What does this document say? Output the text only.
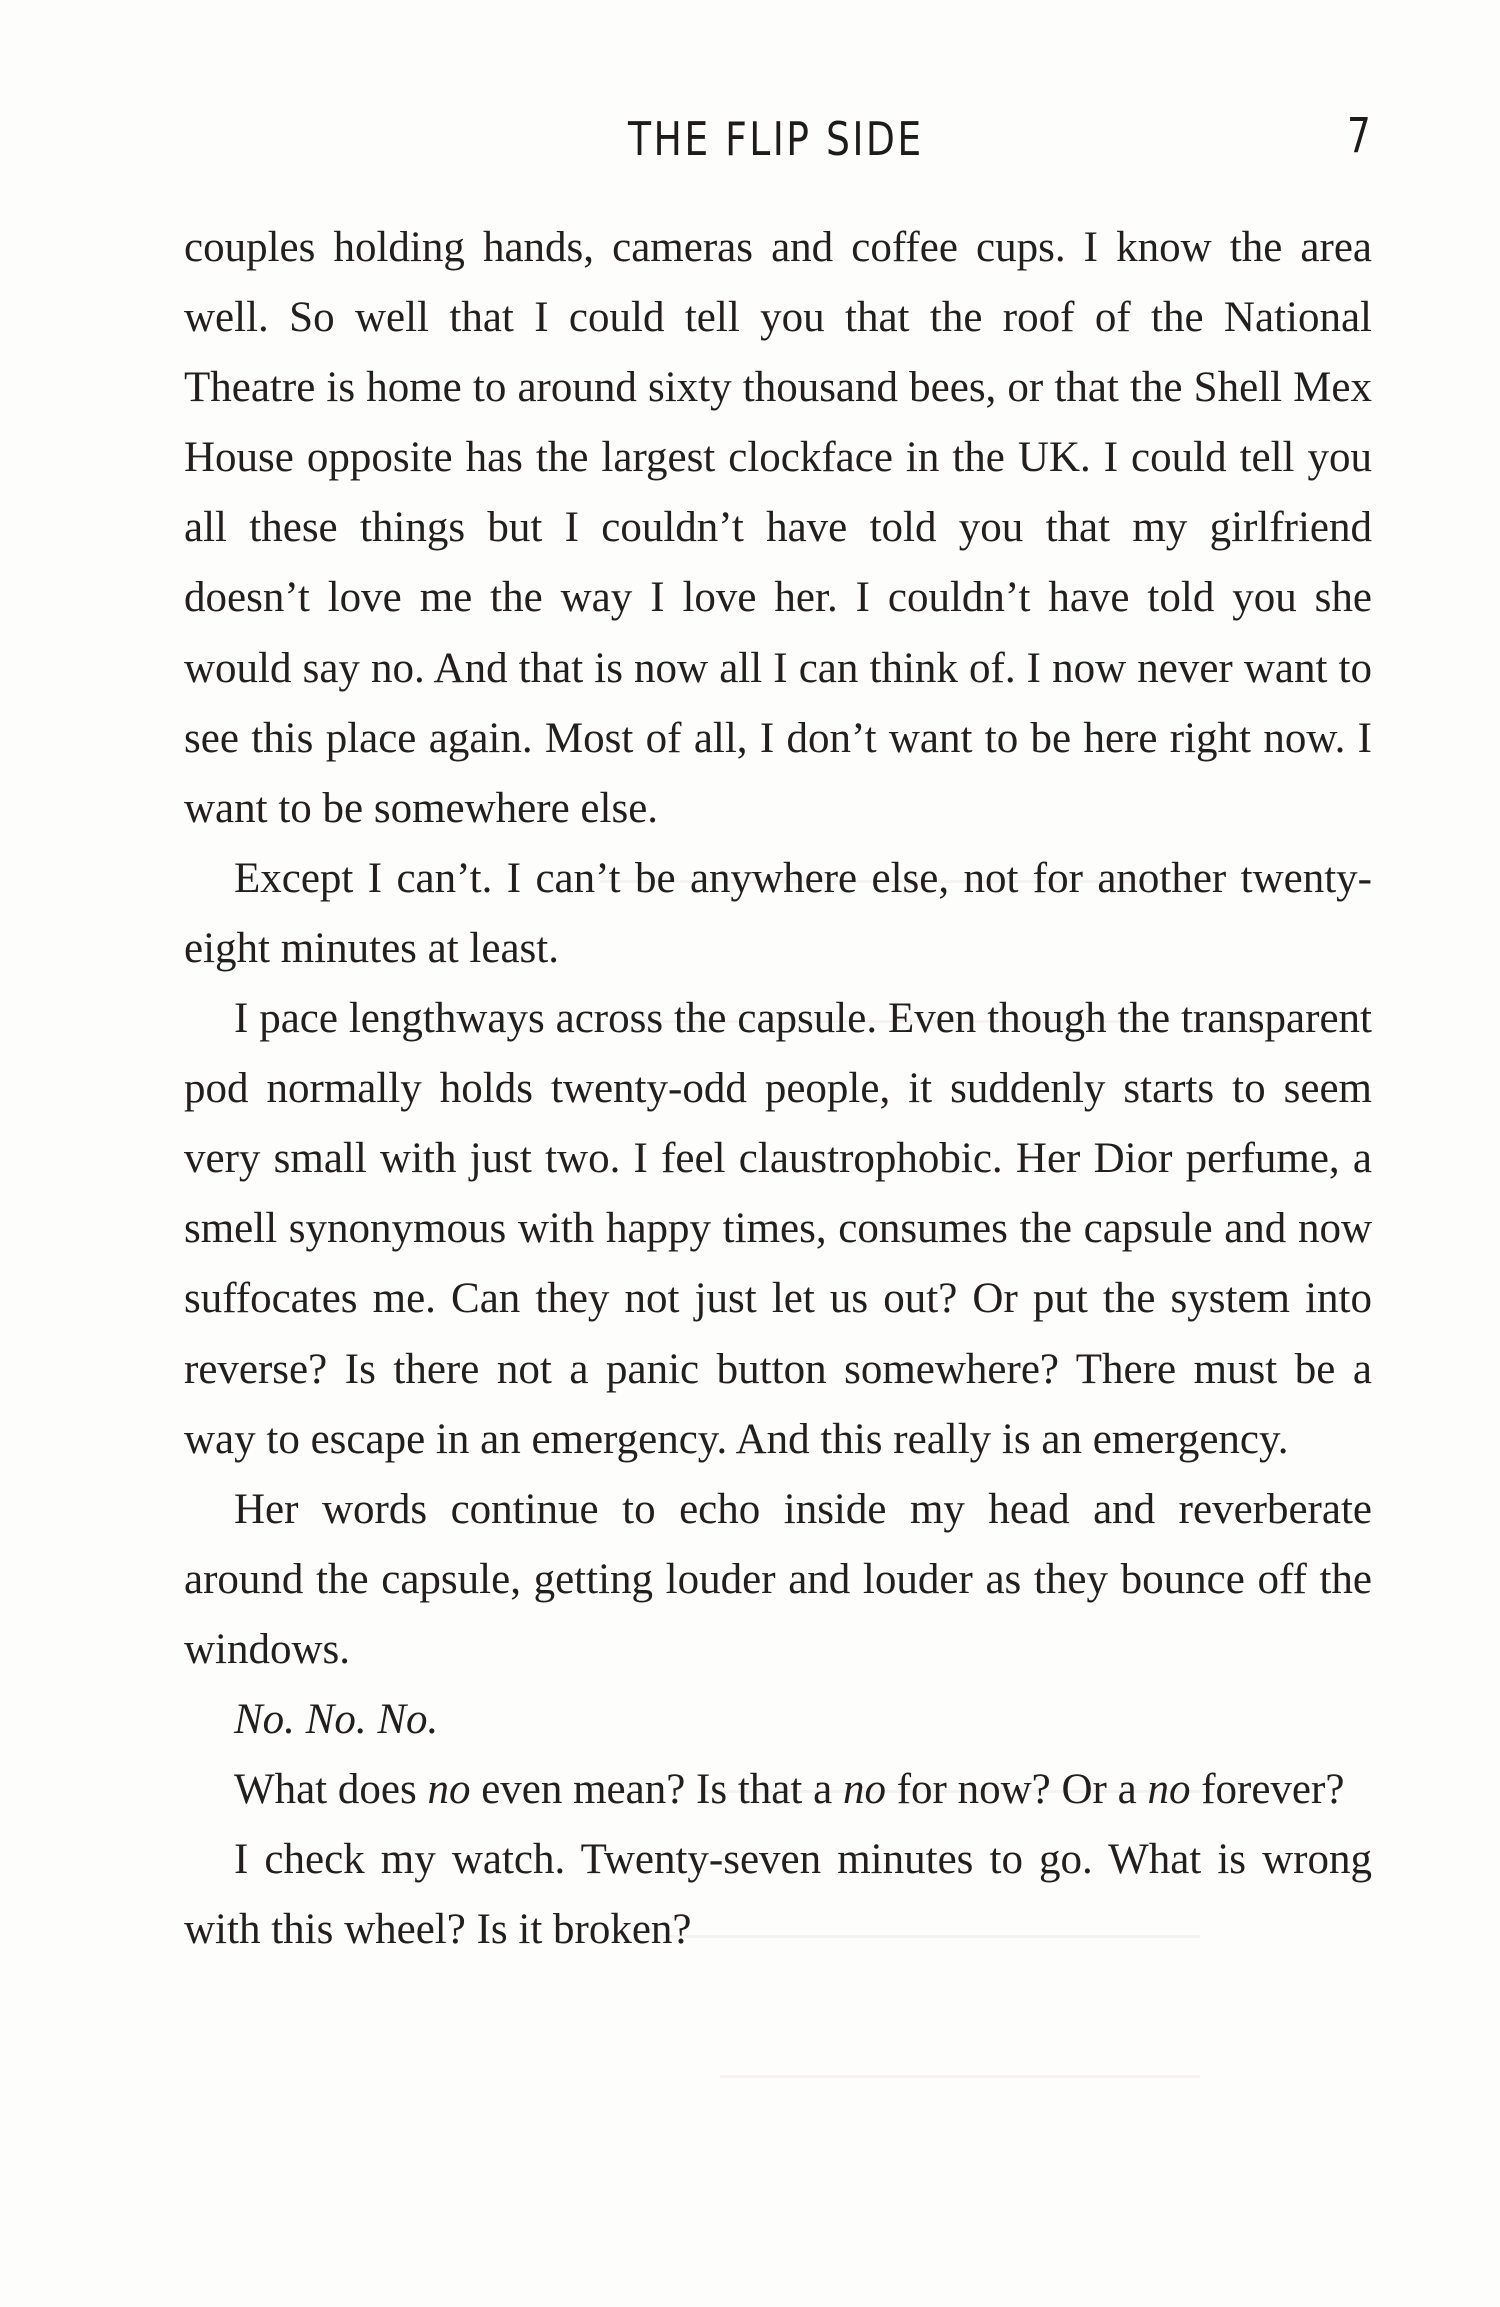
THE FLIP SIDE	7

couples holding hands, cameras and coffee cups. I know the area well. So well that I could tell you that the roof of the National Theatre is home to around sixty thousand bees, or that the Shell Mex House opposite has the largest clockface in the UK. I could tell you all these things but I couldn’t have told you that my girlfriend doesn’t love me the way I love her. I couldn’t have told you she would say no. And that is now all I can think of. I now never want to see this place again. Most of all, I don’t want to be here right now. I want to be somewhere else.

Except I can’t. I can’t be anywhere else, not for another twenty-eight minutes at least.

I pace lengthways across the capsule. Even though the transparent pod normally holds twenty-odd people, it suddenly starts to seem very small with just two. I feel claustrophobic. Her Dior perfume, a smell synonymous with happy times, consumes the capsule and now suffocates me. Can they not just let us out? Or put the system into reverse? Is there not a panic button somewhere? There must be a way to escape in an emergency. And this really is an emergency.

Her words continue to echo inside my head and reverberate around the capsule, getting louder and louder as they bounce off the windows.

No. No. No.

What does no even mean? Is that a no for now? Or a no forever?

I check my watch. Twenty-seven minutes to go. What is wrong with this wheel? Is it broken?
